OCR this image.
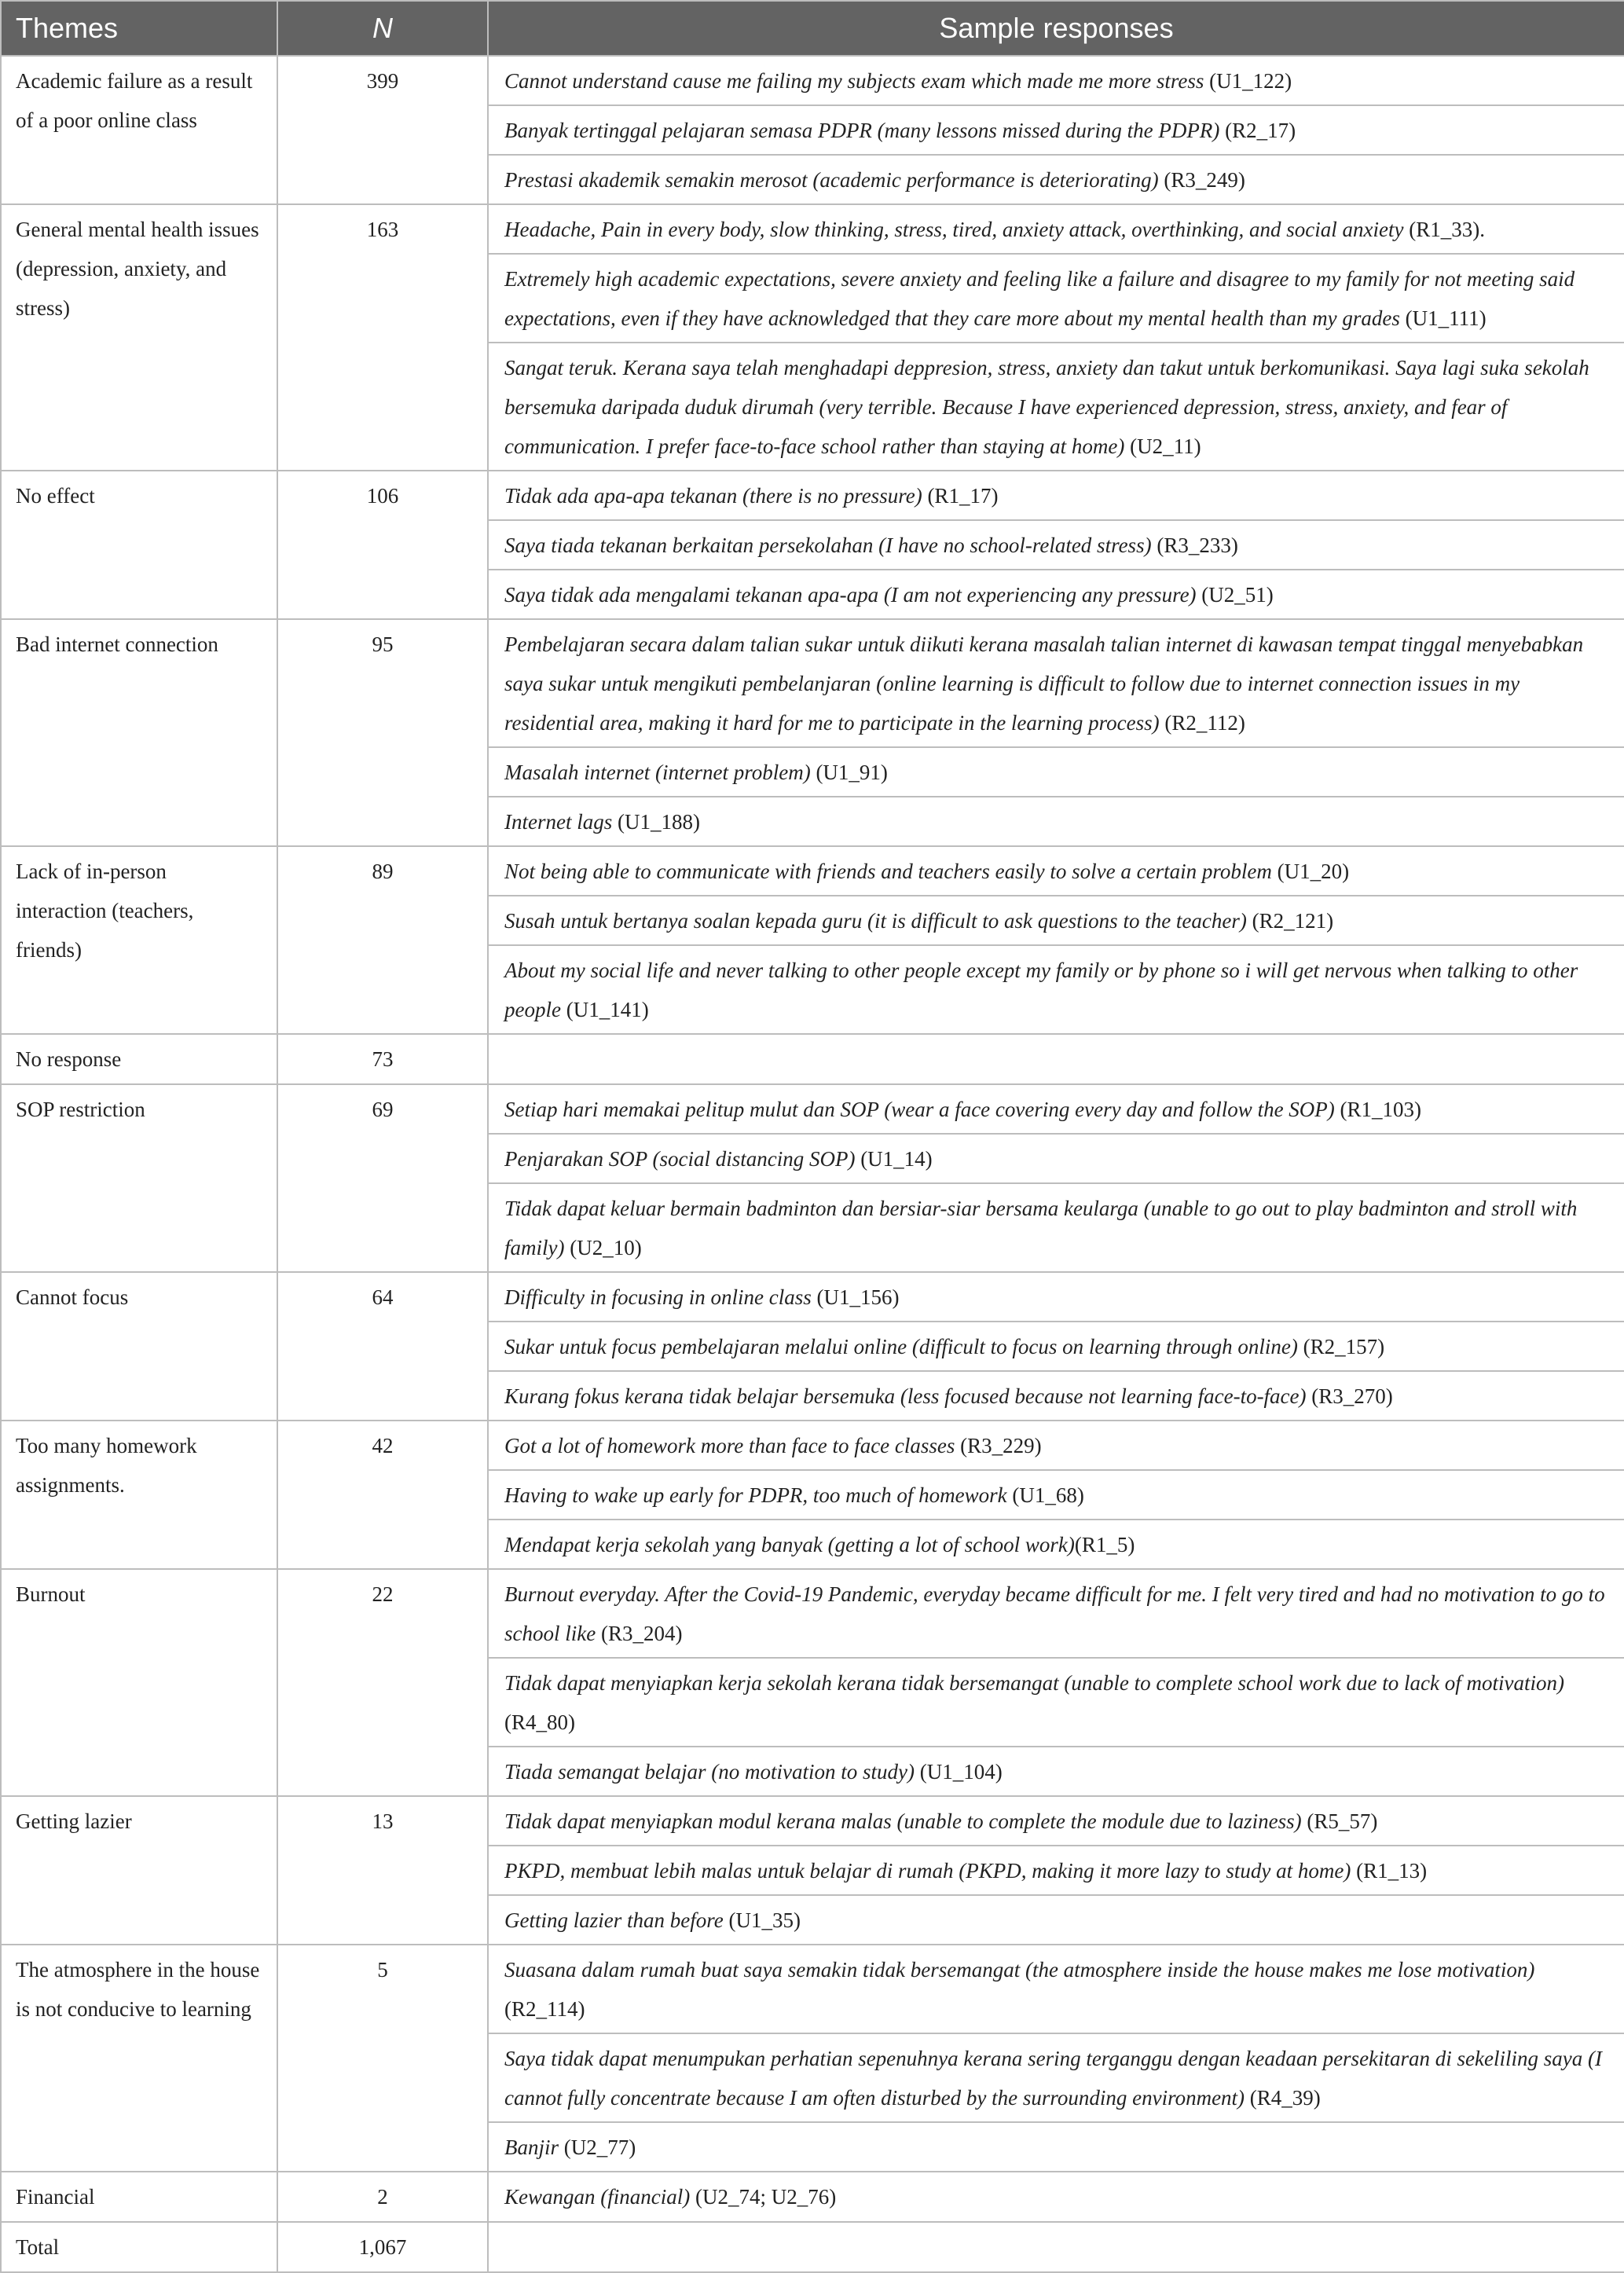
Themes	N	Sample responses
Academic failure as a result of a poor online class	399	Cannot understand cause me failing my subjects exam which made me more stress (U1_122)
		Banyak tertinggal pelajaran semasa PDPR (many lessons missed during the PDPR) (R2_17)
		Prestasi akademik semakin merosot (academic performance is deteriorating) (R3_249)
General mental health issues (depression, anxiety, and stress)	163	Headache, Pain in every body, slow thinking, stress, tired, anxiety attack, overthinking, and social anxiety (R1_33).
		Extremely high academic expectations, severe anxiety and feeling like a failure and disagree to my family for not meeting said expectations, even if they have acknowledged that they care more about my mental health than my grades (U1_111)
		Sangat teruk. Kerana saya telah menghadapi deppresion, stress, anxiety dan takut untuk berkomunikasi. Saya lagi suka sekolah bersemuka daripada duduk dirumah (very terrible. Because I have experienced depression, stress, anxiety, and fear of communication. I prefer face-to-face school rather than staying at home) (U2_11)
No effect	106	Tidak ada apa-apa tekanan (there is no pressure) (R1_17)
		Saya tiada tekanan berkaitan persekolahan (I have no school-related stress) (R3_233)
		Saya tidak ada mengalami tekanan apa-apa (I am not experiencing any pressure) (U2_51)
Bad internet connection	95	Pembelajaran secara dalam talian sukar untuk diikuti kerana masalah talian internet di kawasan tempat tinggal menyebabkan saya sukar untuk mengikuti pembelanjaran (online learning is difficult to follow due to internet connection issues in my residential area, making it hard for me to participate in the learning process) (R2_112)
		Masalah internet (internet problem) (U1_91)
		Internet lags (U1_188)
Lack of in-person interaction (teachers, friends)	89	Not being able to communicate with friends and teachers easily to solve a certain problem (U1_20)
		Susah untuk bertanya soalan kepada guru (it is difficult to ask questions to the teacher) (R2_121)
		About my social life and never talking to other people except my family or by phone so i will get nervous when talking to other people (U1_141)
No response	73	
SOP restriction	69	Setiap hari memakai pelitup mulut dan SOP (wear a face covering every day and follow the SOP) (R1_103)
		Penjarakan SOP (social distancing SOP) (U1_14)
		Tidak dapat keluar bermain badminton dan bersiar-siar bersama keularga (unable to go out to play badminton and stroll with family) (U2_10)
Cannot focus	64	Difficulty in focusing in online class (U1_156)
		Sukar untuk focus pembelajaran melalui online (difficult to focus on learning through online) (R2_157)
		Kurang fokus kerana tidak belajar bersemuka (less focused because not learning face-to-face) (R3_270)
Too many homework assignments.	42	Got a lot of homework more than face to face classes (R3_229)
		Having to wake up early for PDPR, too much of homework (U1_68)
		Mendapat kerja sekolah yang banyak (getting a lot of school work)(R1_5)
Burnout	22	Burnout everyday. After the Covid-19 Pandemic, everyday became difficult for me. I felt very tired and had no motivation to go to school like (R3_204)
		Tidak dapat menyiapkan kerja sekolah kerana tidak bersemangat (unable to complete school work due to lack of motivation) (R4_80)
		Tiada semangat belajar (no motivation to study) (U1_104)
Getting lazier	13	Tidak dapat menyiapkan modul kerana malas (unable to complete the module due to laziness) (R5_57)
		PKPD, membuat lebih malas untuk belajar di rumah (PKPD, making it more lazy to study at home) (R1_13)
		Getting lazier than before (U1_35)
The atmosphere in the house is not conducive to learning	5	Suasana dalam rumah buat saya semakin tidak bersemangat (the atmosphere inside the house makes me lose motivation) (R2_114)
		Saya tidak dapat menumpukan perhatian sepenuhnya kerana sering terganggu dengan keadaan persekitaran di sekeliling saya (I cannot fully concentrate because I am often disturbed by the surrounding environment) (R4_39)
		Banjir (U2_77)
Financial	2	Kewangan (financial) (U2_74; U2_76)
Total	1,067	
